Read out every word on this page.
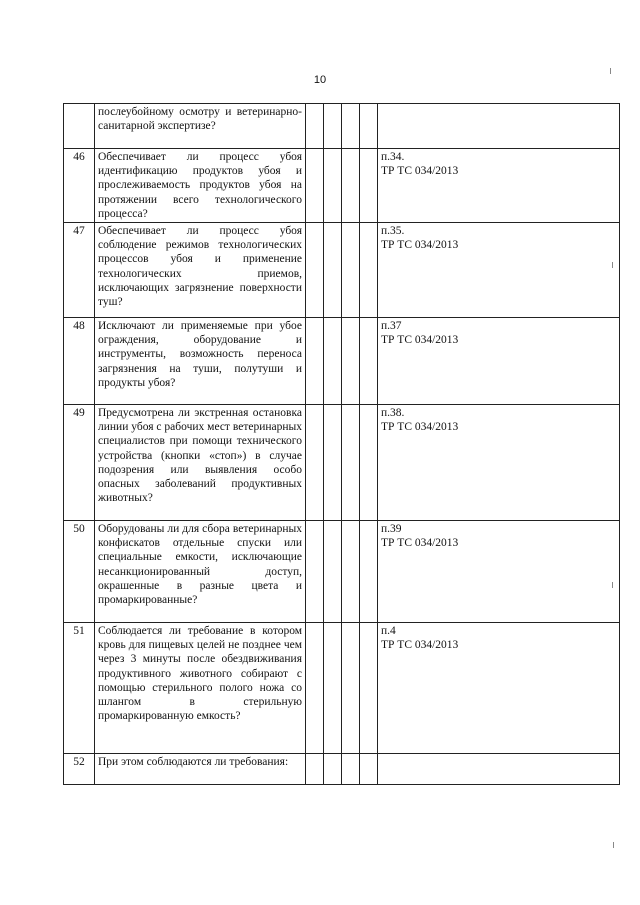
10
	послеубойному осмотру и ветеринарно-санитарной экспертизе?					

46	Обеспечивает ли процесс убоя идентификацию продуктов убоя и прослеживаемость продуктов убоя на протяжении всего технологического процесса?					п.34.
ТР ТС 034/2013

47	Обеспечивает ли процесс убоя соблюдение режимов технологических процессов убоя и применение технологических приемов, исключающих загрязнение поверхности туш?					п.35.
ТР ТС 034/2013

48	Исключают ли применяемые при убое ограждения, оборудование и инструменты, возможность переноса загрязнения на туши, полутуши и продукты убоя?					п.37
ТР ТС 034/2013

49	Предусмотрена ли экстренная остановка линии убоя с рабочих мест ветеринарных специалистов при помощи технического устройства (кнопки «стоп») в случае подозрения или выявления особо опасных заболеваний продуктивных животных?					п.38.
ТР ТС 034/2013

50	Оборудованы ли для сбора ветеринарных конфискатов отдельные спуски или специальные емкости, исключающие несанкционированный доступ, окрашенные в разные цвета и промаркированные?					п.39
ТР ТС 034/2013

51	Соблюдается ли требование в котором кровь для пищевых целей не позднее чем через 3 минуты после обездвиживания продуктивного животного собирают с помощью стерильного полого ножа со шлангом в стерильную промаркированную емкость?					п.4
ТР ТС 034/2013

52	При этом соблюдаются ли требования:					
